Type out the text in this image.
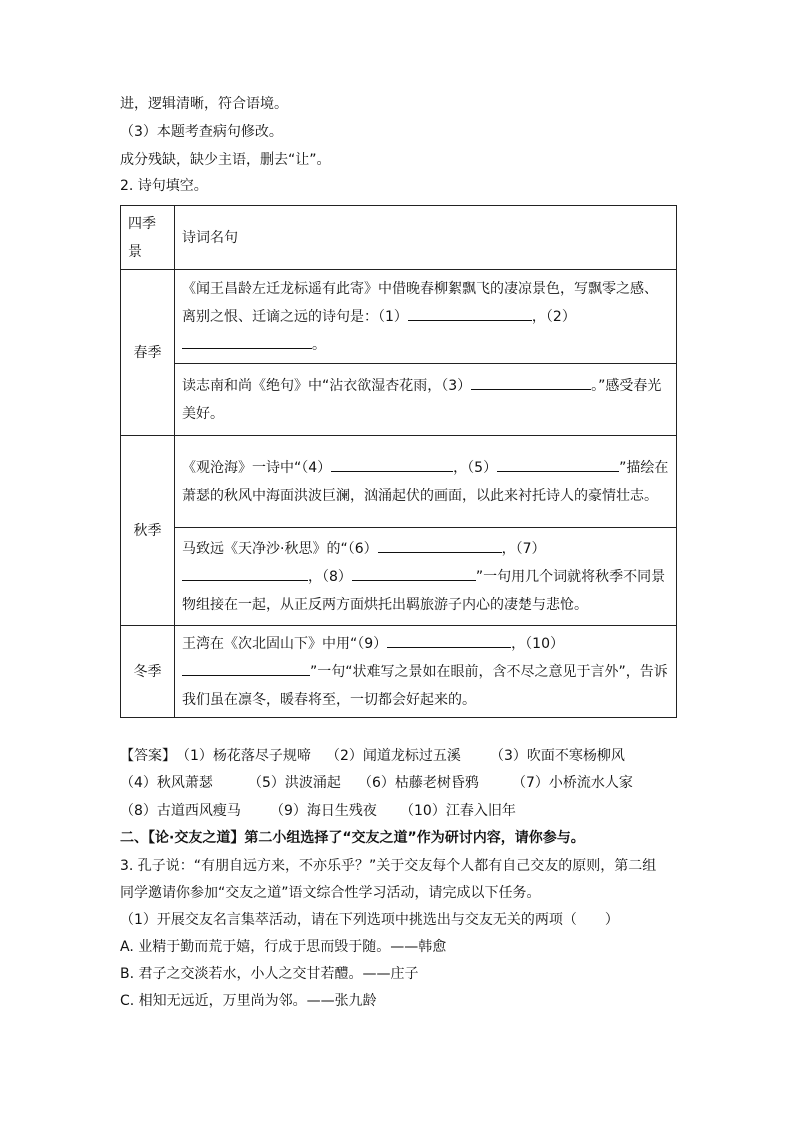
进，逻辑清晰，符合语境。
（3）本题考查病句修改。
成分残缺，缺少主语，删去“让”。
2. 诗句填空。
四季景	诗词名句
春季	《闻王昌龄左迁龙标遥有此寄》中借晚春柳絮飘飞的凄凉景色，写飘零之感、离别之恨、迁谪之远的诗句是：（1） ，（2）
。
	读志南和尚《绝句》中“沾衣欲湿杏花雨，（3） 。”感受春光美好。
秋季	《观沧海》一诗中“（4） ，（5） ”描绘在萧瑟的秋风中海面洪波巨澜，汹涌起伏的画面，以此来衬托诗人的豪情壮志。
	马致远《天净沙·秋思》的“（6） ，（7）
，（8） ”一句用几个词就将秋季不同景物组接在一起，从正反两方面烘托出羁旅游子内心的凄楚与悲怆。
冬季	王湾在《次北固山下》中用“（9） ，（10）
”一句“状难写之景如在眼前，含不尽之意见于言外”，告诉我们虽在凛冬，暖春将至，一切都会好起来的。
【答案】 （1）杨花落尽子规啼 （2）闻道龙标过五溪 （3）吹面不寒杨柳风
（4）秋风萧瑟	（5）洪波涌起 （6）枯藤老树昏鸦 （7）小桥流水人家
（8）古道西风瘦马 （9）海日生残夜 （10）江春入旧年
二、【论·交友之道】第二小组选择了“交友之道”作为研讨内容，请你参与。
3. 孔子说：“有朋自远方来，不亦乐乎？”关于交友每个人都有自己交友的原则，第二组
同学邀请你参加“交友之道”语文综合性学习活动，请完成以下任务。
（1）开展交友名言集萃活动，请在下列选项中挑选出与交友无关的两项（　　）
A. 业精于勤而荒于嬉，行成于思而毁于随。——韩愈
B. 君子之交淡若水，小人之交甘若醴。——庄子
C. 相知无远近，万里尚为邻。——张九龄
